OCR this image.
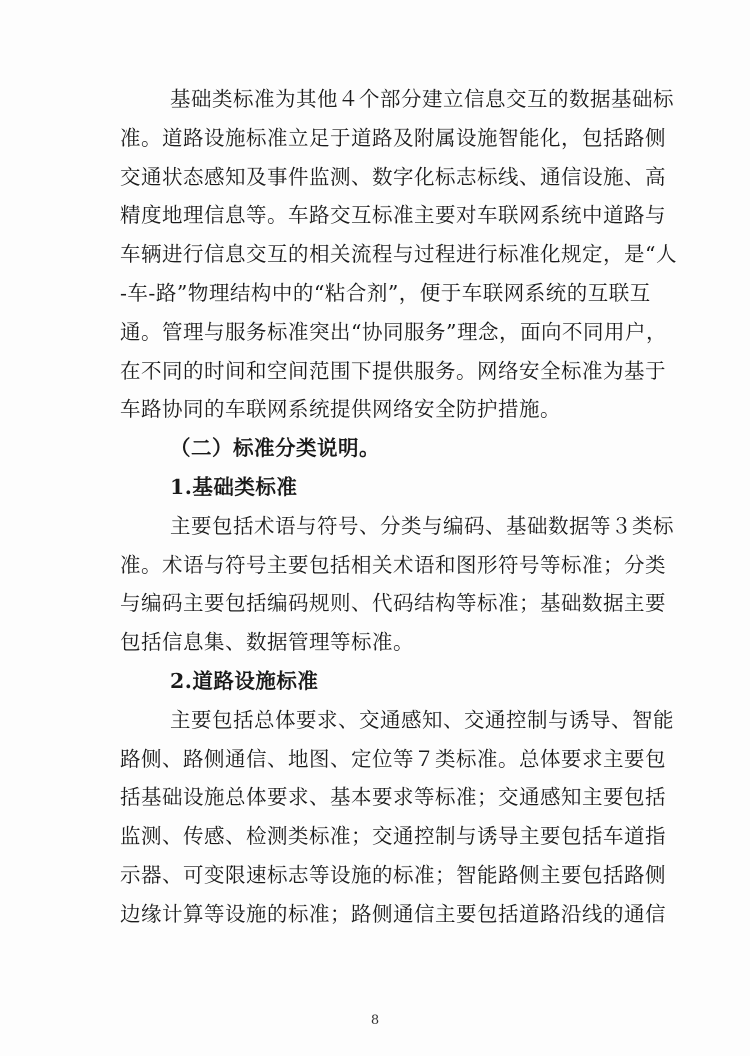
基础类标准为其他４个部分建立信息交互的数据基础标
准。道路设施标准立足于道路及附属设施智能化，包括路侧
交通状态感知及事件监测、数字化标志标线、通信设施、高
精度地理信息等。车路交互标准主要对车联网系统中道路与
车辆进行信息交互的相关流程与过程进行标准化规定，是“人
-车-路”物理结构中的“粘合剂”，便于车联网系统的互联互
通。管理与服务标准突出“协同服务”理念，面向不同用户，
在不同的时间和空间范围下提供服务。网络安全标准为基于
车路协同的车联网系统提供网络安全防护措施。
（二）标准分类说明。
1.基础类标准
主要包括术语与符号、分类与编码、基础数据等３类标
准。术语与符号主要包括相关术语和图形符号等标准；分类
与编码主要包括编码规则、代码结构等标准；基础数据主要
包括信息集、数据管理等标准。
2.道路设施标准
主要包括总体要求、交通感知、交通控制与诱导、智能
路侧、路侧通信、地图、定位等７类标准。总体要求主要包
括基础设施总体要求、基本要求等标准；交通感知主要包括
监测、传感、检测类标准；交通控制与诱导主要包括车道指
示器、可变限速标志等设施的标准；智能路侧主要包括路侧
边缘计算等设施的标准；路侧通信主要包括道路沿线的通信
8
